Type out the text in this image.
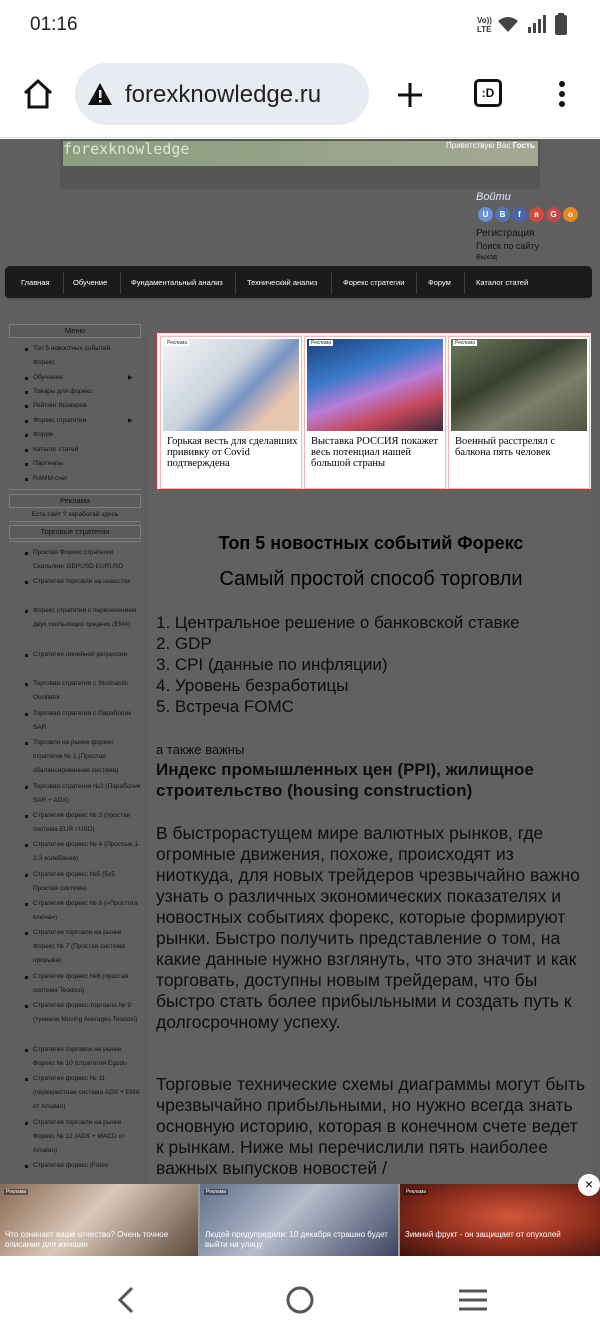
01:16	Vo))
LTE
forexknowledge.ru	:D
forexknowledge	Приветствую Вас Гость
Войти
U	B	f	я	G	о
Регистрация
Поиск по сайту
Выход
Главная	Обучение	Фундаментальный анализ	Технический анализ	Форекс стратегии	Форум	Каталог статей
Меню
Топ 5 новостных событий Форекс
Обучение	▶
Товары для форекс
Рейтинг брокеров
Форекс стратегии	▶
Форум
Каталог статей
Партнеры
RAMM-счет
Реклама
Есть сайт ? заработай здесь
Торговые стратегии
Простая Форекс стратегии Скальпинг GBPUSD EURUSD
Стратегия торговли на новостях
Форекс стратегия с пересечением двух скользящих средних (EMA)
Стратегия линейной регрессии
Торговая стратегия с Stochastic Oscillator
Торговая стратегия с Параболик SAR
Торговля на рынке форекс стратегия № 1 (Простая сбалансированная система)
Торговая стратегия №2 (Параболик SAR + ADX)
Стратегия форекс № 3 (простая система EUR / USD)
Стратегия форекс № 4 (Простые 1-2-3 колебания)
Стратегия форекс №5 (5x5 Простая система)
Стратегия форекс № 6 («Простота ключа»)
Стратегия торговли на рынке Форекс № 7 (Простая система прорыва)
Стратегия форекс №8 (простая система Teodosi)
Стратегия форекс-торговли № 9 (туннели Moving Averages Teodosi)
Стратегия торговли на рынке Форекс № 10 (стратегия Egudu
Стратегия форекс № 11 (перекрестная система ADX + EMA от Arsalan)
Стратегия торговли на рынке Форекс № 12 (ADX + MACD от Arsalan)
Стратегия форекс (Fotex
Реклама
Горькая весть для сделавших прививку от Covid подтверждена
Реклама
Выставка РОССИЯ покажет весь потенциал нашей большой страны
Реклама
Военный расстрелял с балкона пять человек
Топ 5 новостных событий Форекс
Самый простой способ торговли
1. Центральное решение о банковской ставке
2. GDP
3. CPI (данные по инфляции)
4. Уровень безработицы
5. Встреча FOMC
а также важны
Индекс промышленных цен (PPI), жилищное строительство (housing construction)
В быстрорастущем мире валютных рынков, где огромные движения, похоже, происходят из ниоткуда, для новых трейдеров чрезвычайно важно узнать о различных экономических показателях и новостных событиях форекс, которые формируют рынки. Быстро получить представление о том, на какие данные нужно взглянуть, что это значит и как торговать, доступны новым трейдерам, что бы быстро стать более прибыльными и создать путь к долгосрочному успеху.
Торговые технические схемы диаграммы могут быть чрезвычайно прибыльными, но нужно всегда знать основную историю, которая в конечном счете ведет к рынкам. Ниже мы перечислили пять наиболее важных выпусков новостей /
Реклама
Что означает ваше отчество? Очень точное описание для женщин
Реклама
Людей предупредили: 10 декабря страшно будет выйти на улицу
Реклама
Зимний фрукт - он защищает от опухолей
×
